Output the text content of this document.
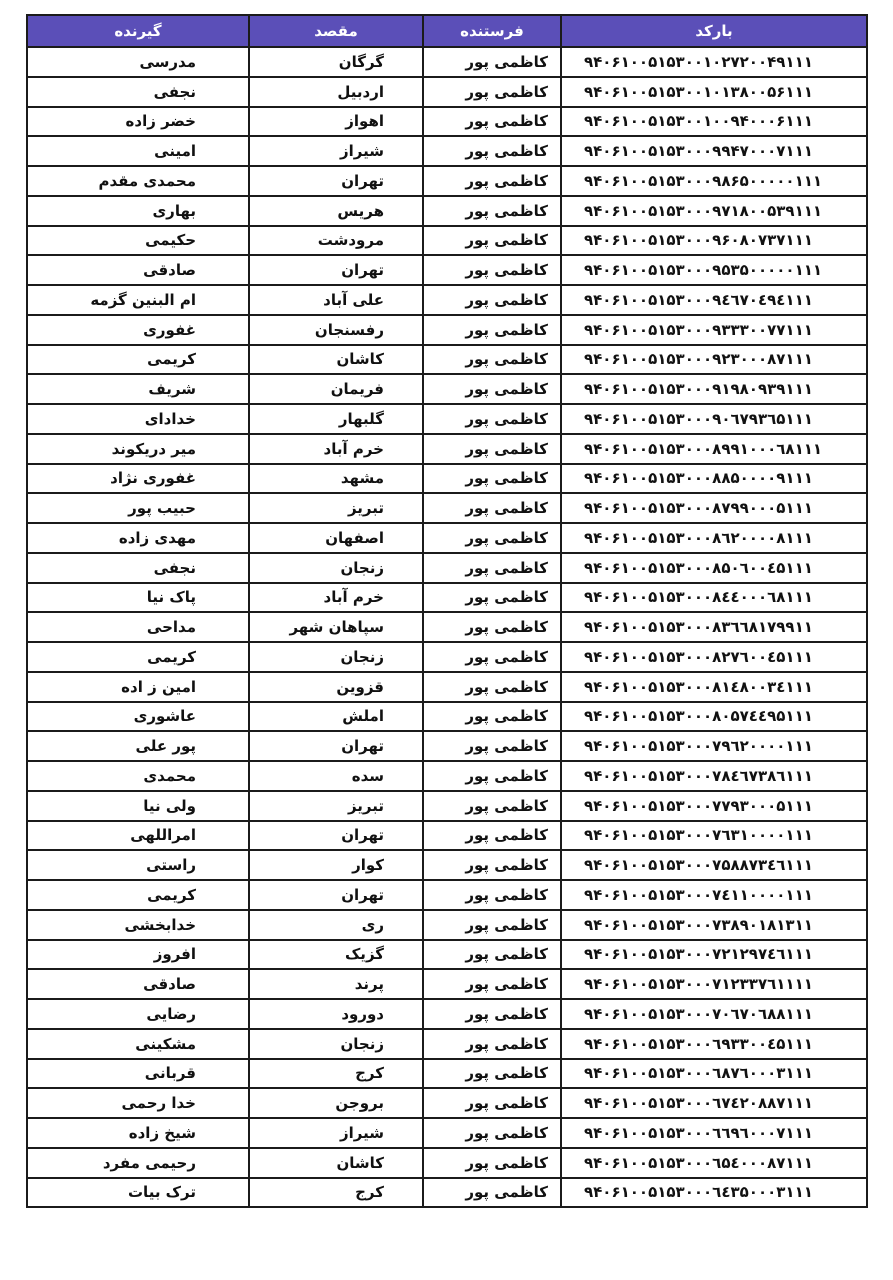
بارکد	فرستنده	مقصد	گیرنده
۹۴۰۶۱۰۰۵۱۵۳۰۰۱۰۲۷۲۰۰۴۹۱۱۱	کاظمی پور	گرگان	مدرسی
۹۴۰۶۱۰۰۵۱۵۳۰۰۱۰۱۳۸۰۰۵۶۱۱۱	کاظمی پور	اردبیل	نجفی
۹۴۰۶۱۰۰۵۱۵۳۰۰۱۰۰۹۴۰۰۰۶۱۱۱	کاظمی پور	اهواز	خضر زاده
۹۴۰۶۱۰۰۵۱۵۳۰۰۰۹۹۴۷۰۰۰۷۱۱۱	کاظمی پور	شیراز	امینی
۹۴۰۶۱۰۰۵۱۵۳۰۰۰۹۸۶۵۰۰۰۰۰۱۱۱	کاظمی پور	تهران	محمدی مقدم
۹۴۰۶۱۰۰۵۱۵۳۰۰۰۹۷۱۸۰۰۵۳۹۱۱۱	کاظمی پور	هریس	بهاری
۹۴۰۶۱۰۰۵۱۵۳۰۰۰۹۶۰۸۰۷۳۷۱۱۱	کاظمی پور	مرودشت	حکیمی
۹۴۰۶۱۰۰۵۱۵۳۰۰۰۹۵۳۵۰۰۰۰۰۱۱۱	کاظمی پور	تهران	صادقی
۹۴۰۶۱۰۰۵۱۵۳۰۰۰۹٤٦٧۰٤۹٤۱۱۱	کاظمی پور	علی آباد	ام البنین گزمه
۹۴۰۶۱۰۰۵۱۵۳۰۰۰۹۳۳۳۰۰۷۷۱۱۱	کاظمی پور	رفسنجان	غفوری
۹۴۰۶۱۰۰۵۱۵۳۰۰۰۹۲۳۰۰۰۸۷۱۱۱	کاظمی پور	کاشان	کریمی
۹۴۰۶۱۰۰۵۱۵۳۰۰۰۹۱۹۸۰۹۳۹۱۱۱	کاظمی پور	فریمان	شریف
۹۴۰۶۱۰۰۵۱۵۳۰۰۰۹۰٦۷۹۳٦۵۱۱۱	کاظمی پور	گلبهار	خدادای
۹۴۰۶۱۰۰۵۱۵۳۰۰۰۸۹۹۱۰۰۰٦۸۱۱۱	کاظمی پور	خرم آباد	میر دریکوند
۹۴۰۶۱۰۰۵۱۵۳۰۰۰۸۸۵۰۰۰۰۹۱۱۱	کاظمی پور	مشهد	غفوری نژاد
۹۴۰۶۱۰۰۵۱۵۳۰۰۰۸۷۹۹۰۰۰۵۱۱۱	کاظمی پور	تبریز	حبیب پور
۹۴۰۶۱۰۰۵۱۵۳۰۰۰۸٦۲۰۰۰۰۸۱۱۱	کاظمی پور	اصفهان	مهدی زاده
۹۴۰۶۱۰۰۵۱۵۳۰۰۰۸۵۰٦۰۰٤۵۱۱۱	کاظمی پور	زنجان	نجفی
۹۴۰۶۱۰۰۵۱۵۳۰۰۰۸٤٤۰۰۰٦۸۱۱۱	کاظمی پور	خرم آباد	پاک نیا
۹۴۰۶۱۰۰۵۱۵۳۰۰۰۸۳٦٦۸۱۷۹۹۱۱	کاظمی پور	سپاهان شهر	مداحی
۹۴۰۶۱۰۰۵۱۵۳۰۰۰۸۲۷٦۰۰٤۵۱۱۱	کاظمی پور	زنجان	کریمی
۹۴۰۶۱۰۰۵۱۵۳۰۰۰۸۱٤۸۰۰۳٤۱۱۱	کاظمی پور	قزوین	امین ز اده
۹۴۰۶۱۰۰۵۱۵۳۰۰۰۸۰۵۷٤٤۹۵۱۱۱	کاظمی پور	املش	عاشوری
۹۴۰۶۱۰۰۵۱۵۳۰۰۰۷۹٦۲۰۰۰۰۱۱۱	کاظمی پور	تهران	پور علی
۹۴۰۶۱۰۰۵۱۵۳۰۰۰۷۸٤٦۷۳۸٦۱۱۱	کاظمی پور	سده	محمدی
۹۴۰۶۱۰۰۵۱۵۳۰۰۰۷۷۹۳۰۰۰۵۱۱۱	کاظمی پور	تبریز	ولی نیا
۹۴۰۶۱۰۰۵۱۵۳۰۰۰۷٦۳۱۰۰۰۰۱۱۱	کاظمی پور	تهران	امراللهی
۹۴۰۶۱۰۰۵۱۵۳۰۰۰۷۵۸۸۷۳٤٦۱۱۱	کاظمی پور	کوار	راستی
۹۴۰۶۱۰۰۵۱۵۳۰۰۰۷٤۱۱۰۰۰۰۱۱۱	کاظمی پور	تهران	کریمی
۹۴۰۶۱۰۰۵۱۵۳۰۰۰۷۳۸۹۰۱۸۱۳۱۱	کاظمی پور	ری	خدابخشی
۹۴۰۶۱۰۰۵۱۵۳۰۰۰۷۲۱۲۹۷٤٦۱۱۱	کاظمی پور	گزیک	افروز
۹۴۰۶۱۰۰۵۱۵۳۰۰۰۷۱۲۳۳۷٦۱۱۱۱	کاظمی پور	پرند	صادقی
۹۴۰۶۱۰۰۵۱۵۳۰۰۰۷۰٦۷۰٦۸۸۱۱۱	کاظمی پور	دورود	رضایی
۹۴۰۶۱۰۰۵۱۵۳۰۰۰٦۹۳۳۰۰٤۵۱۱۱	کاظمی پور	زنجان	مشکینی
۹۴۰۶۱۰۰۵۱۵۳۰۰۰٦۸۷٦۰۰۰۳۱۱۱	کاظمی پور	کرج	قربانی
۹۴۰۶۱۰۰۵۱۵۳۰۰۰٦۷٤۲۰۸۸۷۱۱۱	کاظمی پور	بروجن	خدا رحمی
۹۴۰۶۱۰۰۵۱۵۳۰۰۰٦٦۹٦۰۰۰۷۱۱۱	کاظمی پور	شیراز	شیخ زاده
۹۴۰۶۱۰۰۵۱۵۳۰۰۰٦۵٤۰۰۰۸۷۱۱۱	کاظمی پور	کاشان	رحیمی مفرد
۹۴۰۶۱۰۰۵۱۵۳۰۰۰٦٤۳۵۰۰۰۳۱۱۱	کاظمی پور	کرج	ترک بیات
